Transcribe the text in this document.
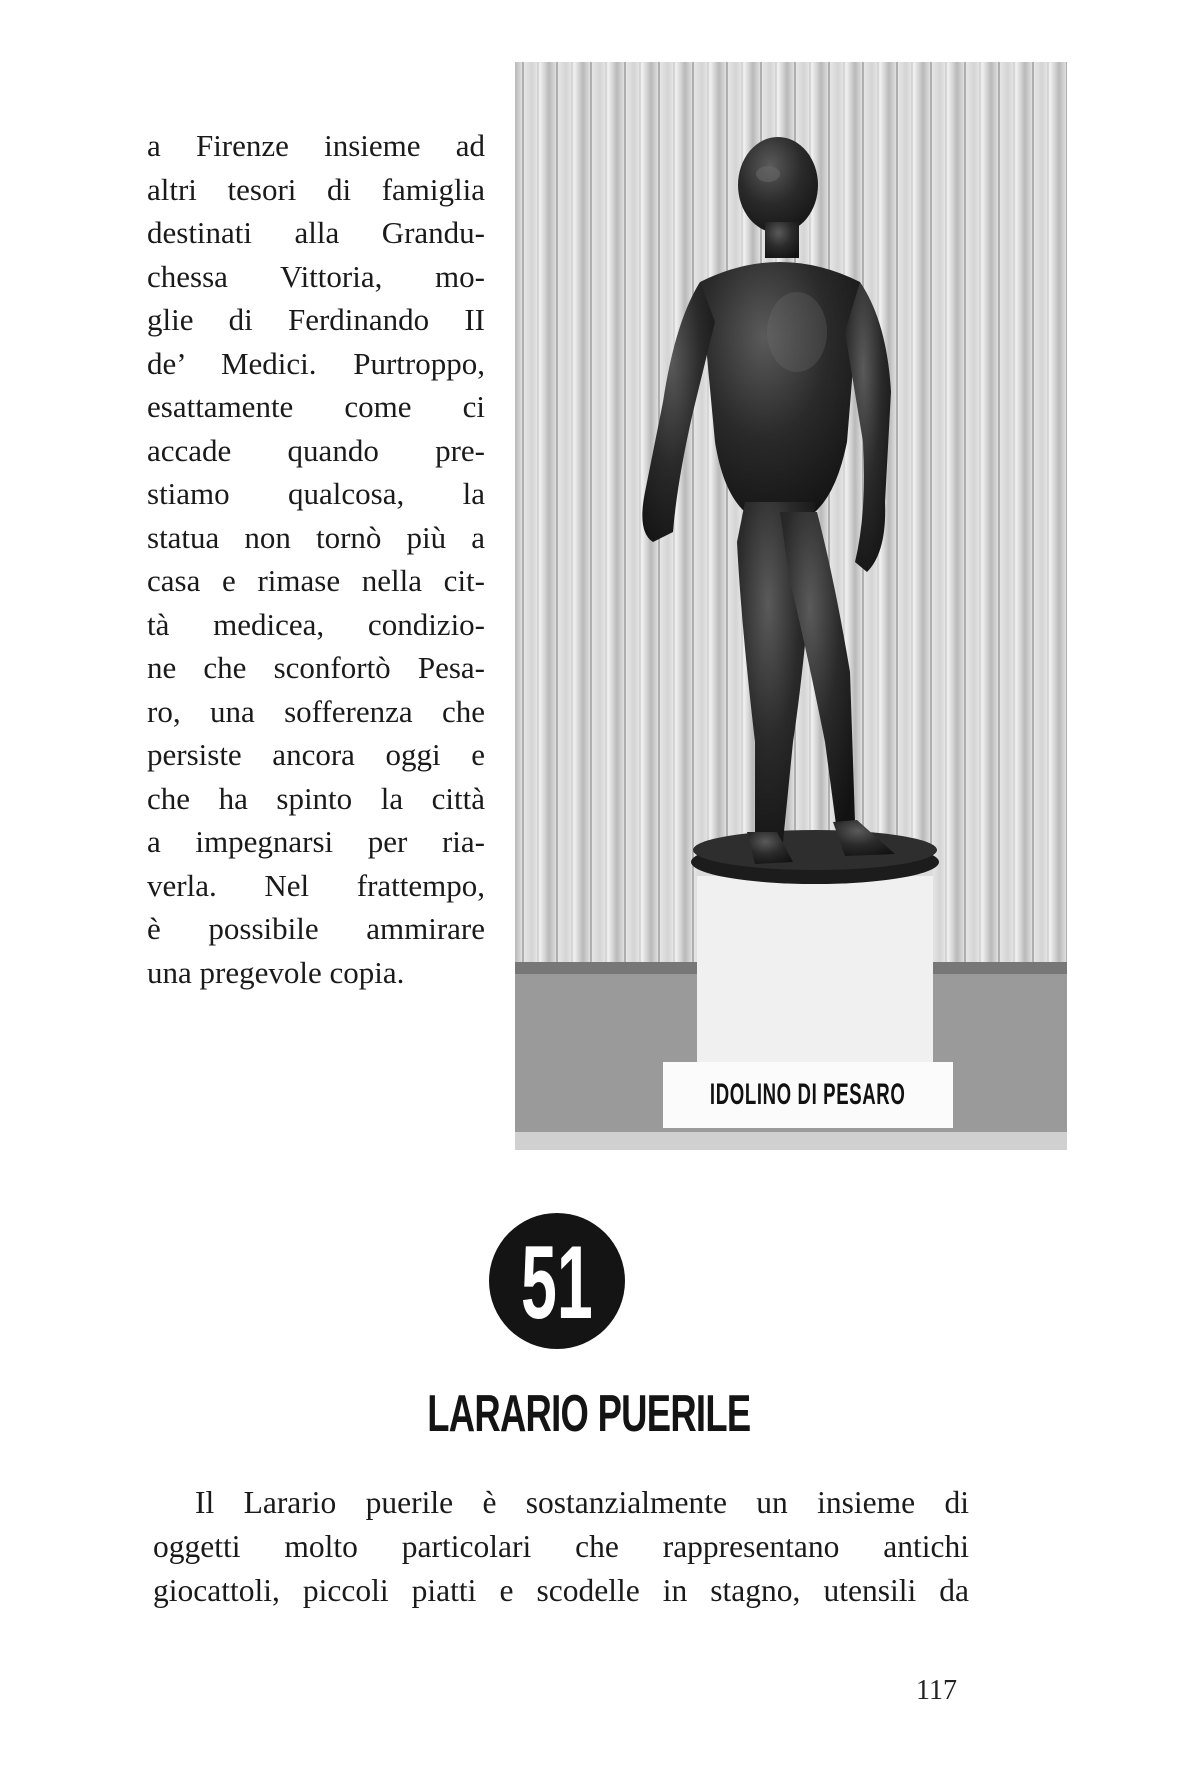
a Firenze insieme ad
altri tesori di famiglia
destinati alla Grandu-
chessa Vittoria, mo-
glie di Ferdinando II
de’ Medici. Purtroppo,
esattamente come ci
accade quando pre-
stiamo qualcosa, la
statua non tornò più a
casa e rimase nella cit-
tà medicea, condizio-
ne che sconfortò Pesa-
ro, una sofferenza che
persiste ancora oggi e
che ha spinto la città
a impegnarsi per ria-
verla. Nel frattempo,
è possibile ammirare
una pregevole copia.
IDOLINO DI PESARO
51
LARARIO PUERILE
Il Larario puerile è sostanzialmente un insieme di
oggetti molto particolari che rappresentano antichi
giocattoli, piccoli piatti e scodelle in stagno, utensili da
117
